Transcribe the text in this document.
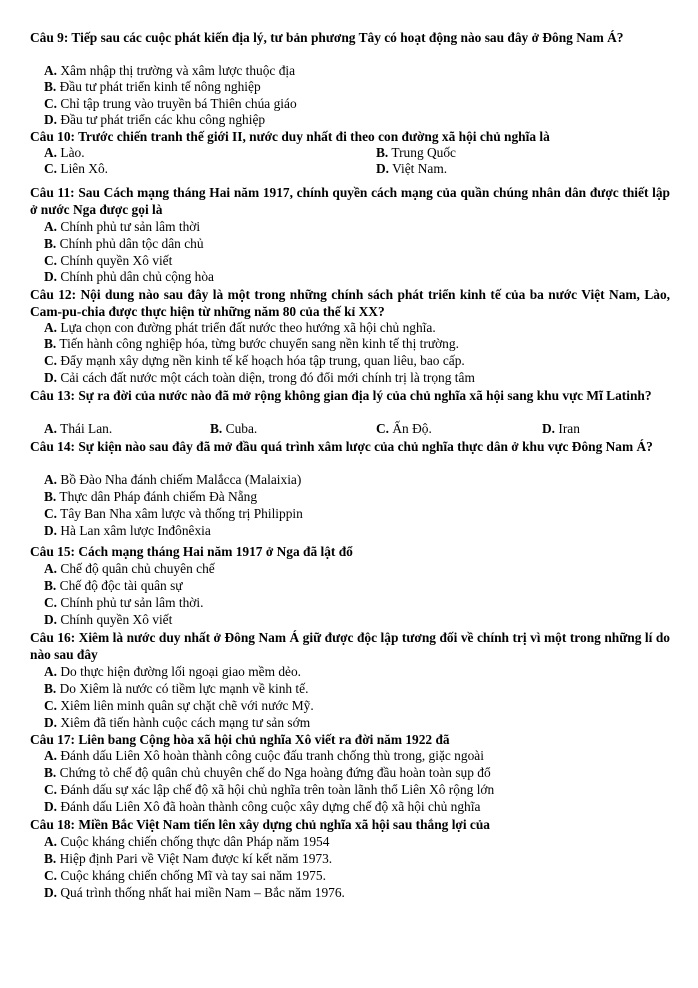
Câu 9: Tiếp sau các cuộc phát kiến địa lý, tư bản phương Tây có hoạt động nào sau đây ở Đông Nam Á?
A. Xâm nhập thị trường và xâm lược thuộc địa
B. Đầu tư phát triển kinh tế nông nghiệp
C. Chỉ tập trung vào truyền bá Thiên chúa giáo
D. Đầu tư phát triển các khu công nghiệp
Câu 10: Trước chiến tranh thế giới II, nước duy nhất đi theo con đường xã hội chủ nghĩa là
A. Lào.	B. Trung Quốc
C. Liên Xô.	D. Việt Nam.
Câu 11: Sau Cách mạng tháng Hai năm 1917, chính quyền cách mạng của quần chúng nhân dân được thiết lập ở nước Nga được gọi là
A. Chính phủ tư sản lâm thời
B. Chính phủ dân tộc dân chủ
C. Chính quyền Xô viết
D. Chính phủ dân chủ cộng hòa
Câu 12: Nội dung nào sau đây là một trong những chính sách phát triển kinh tế của ba nước Việt Nam, Lào, Cam-pu-chia được thực hiện từ những năm 80 của thế kỉ XX?
A. Lựa chọn con đường phát triển đất nước theo hướng xã hội chủ nghĩa.
B. Tiến hành công nghiệp hóa, từng bước chuyển sang nền kinh tế thị trường.
C. Đẩy mạnh xây dựng nền kinh tế kế hoạch hóa tập trung, quan liêu, bao cấp.
D. Cải cách đất nước một cách toàn diện, trong đó đổi mới chính trị là trọng tâm
Câu 13: Sự ra đời của nước nào đã mở rộng không gian địa lý của chủ nghĩa xã hội sang khu vực Mĩ Latinh?
A. Thái Lan.	B. Cuba.	C. Ấn Độ.	D. Iran
Câu 14: Sự kiện nào sau đây đã mở đầu quá trình xâm lược của chủ nghĩa thực dân ở khu vực Đông Nam Á?
A. Bồ Đào Nha đánh chiếm Malắcca (Malaixia)
B. Thực dân Pháp đánh chiếm Đà Nẵng
C. Tây Ban Nha xâm lược và thống trị Philippin
D. Hà Lan xâm lược Inđônêxia
Câu 15: Cách mạng tháng Hai năm 1917 ở Nga đã lật đổ
A. Chế độ quân chủ chuyên chế
B. Chế độ độc tài quân sự
C. Chính phủ tư sản lâm thời.
D. Chính quyền Xô viết
Câu 16: Xiêm là nước duy nhất ở Đông Nam Á giữ được độc lập tương đối về chính trị vì một trong những lí do nào sau đây
A. Do thực hiện đường lối ngoại giao mềm dẻo.
B. Do Xiêm là nước có tiềm lực mạnh về kinh tế.
C. Xiêm liên minh quân sự chặt chẽ với nước Mỹ.
D. Xiêm đã tiến hành cuộc cách mạng tư sản sớm
Câu 17: Liên bang Cộng hòa xã hội chủ nghĩa Xô viết ra đời năm 1922 đã
A. Đánh dấu Liên Xô hoàn thành công cuộc đấu tranh chống thù trong, giặc ngoài
B. Chứng tỏ chế độ quân chủ chuyên chế do Nga hoàng đứng đầu hoàn toàn sụp đổ
C. Đánh dấu sự xác lập chế độ xã hội chủ nghĩa trên toàn lãnh thổ Liên Xô rộng lớn
D. Đánh dấu Liên Xô đã hoàn thành công cuộc xây dựng chế độ xã hội chủ nghĩa
Câu 18: Miền Bắc Việt Nam tiến lên xây dựng chủ nghĩa xã hội sau thắng lợi của
A. Cuộc kháng chiến chống thực dân Pháp năm 1954
B. Hiệp định Pari về Việt Nam được kí kết năm 1973.
C. Cuộc kháng chiến chống Mĩ và tay sai năm 1975.
D. Quá trình thống nhất hai miền Nam – Bắc năm 1976.
